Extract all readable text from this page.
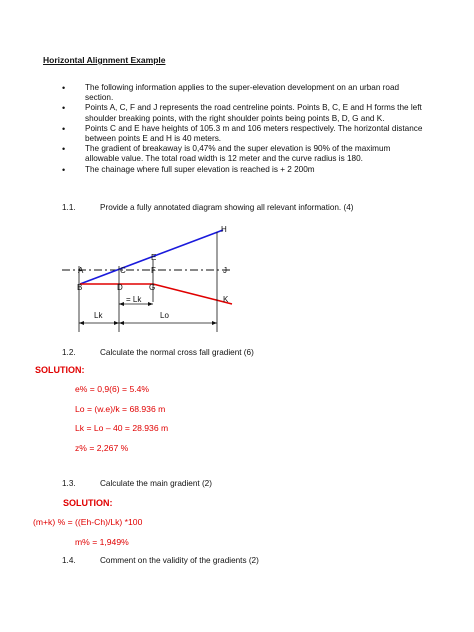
Horizontal Alignment Example
• The following information applies to the super-elevation development on an urban road section.
• Points A, C, F and J represents the road centreline points. Points B, C, E and H forms the left shoulder breaking points, with the right shoulder points being points B, D, G and K.
• Points C and E have heights of 105.3 m and 106 meters respectively. The horizontal distance between points E and H is 40 meters.
• The gradient of breakaway is 0,47% and the super elevation is 90% of the maximum allowable value. The total road width is 12 meter and the curve radius is 180.
• The chainage where full super elevation is reached is + 2 200m
1.1.	Provide a fully annotated diagram showing all relevant information. (4)
A
B
C
D
E
F
G
H
J
K
= Lk
Lk	Lo
1.2.	Calculate the normal cross fall gradient (6)
SOLUTION:
e% = 0,9(6) = 5.4%
Lo = (w.e)/k = 68.936 m
Lk = Lo – 40 = 28.936 m
z% = 2,267 %
1.3.	Calculate the main gradient (2)
SOLUTION:
(m+k) % = ((Eh-Ch)/Lk) *100
m% = 1,949%
1.4.	Comment on the validity of the gradients (2)
